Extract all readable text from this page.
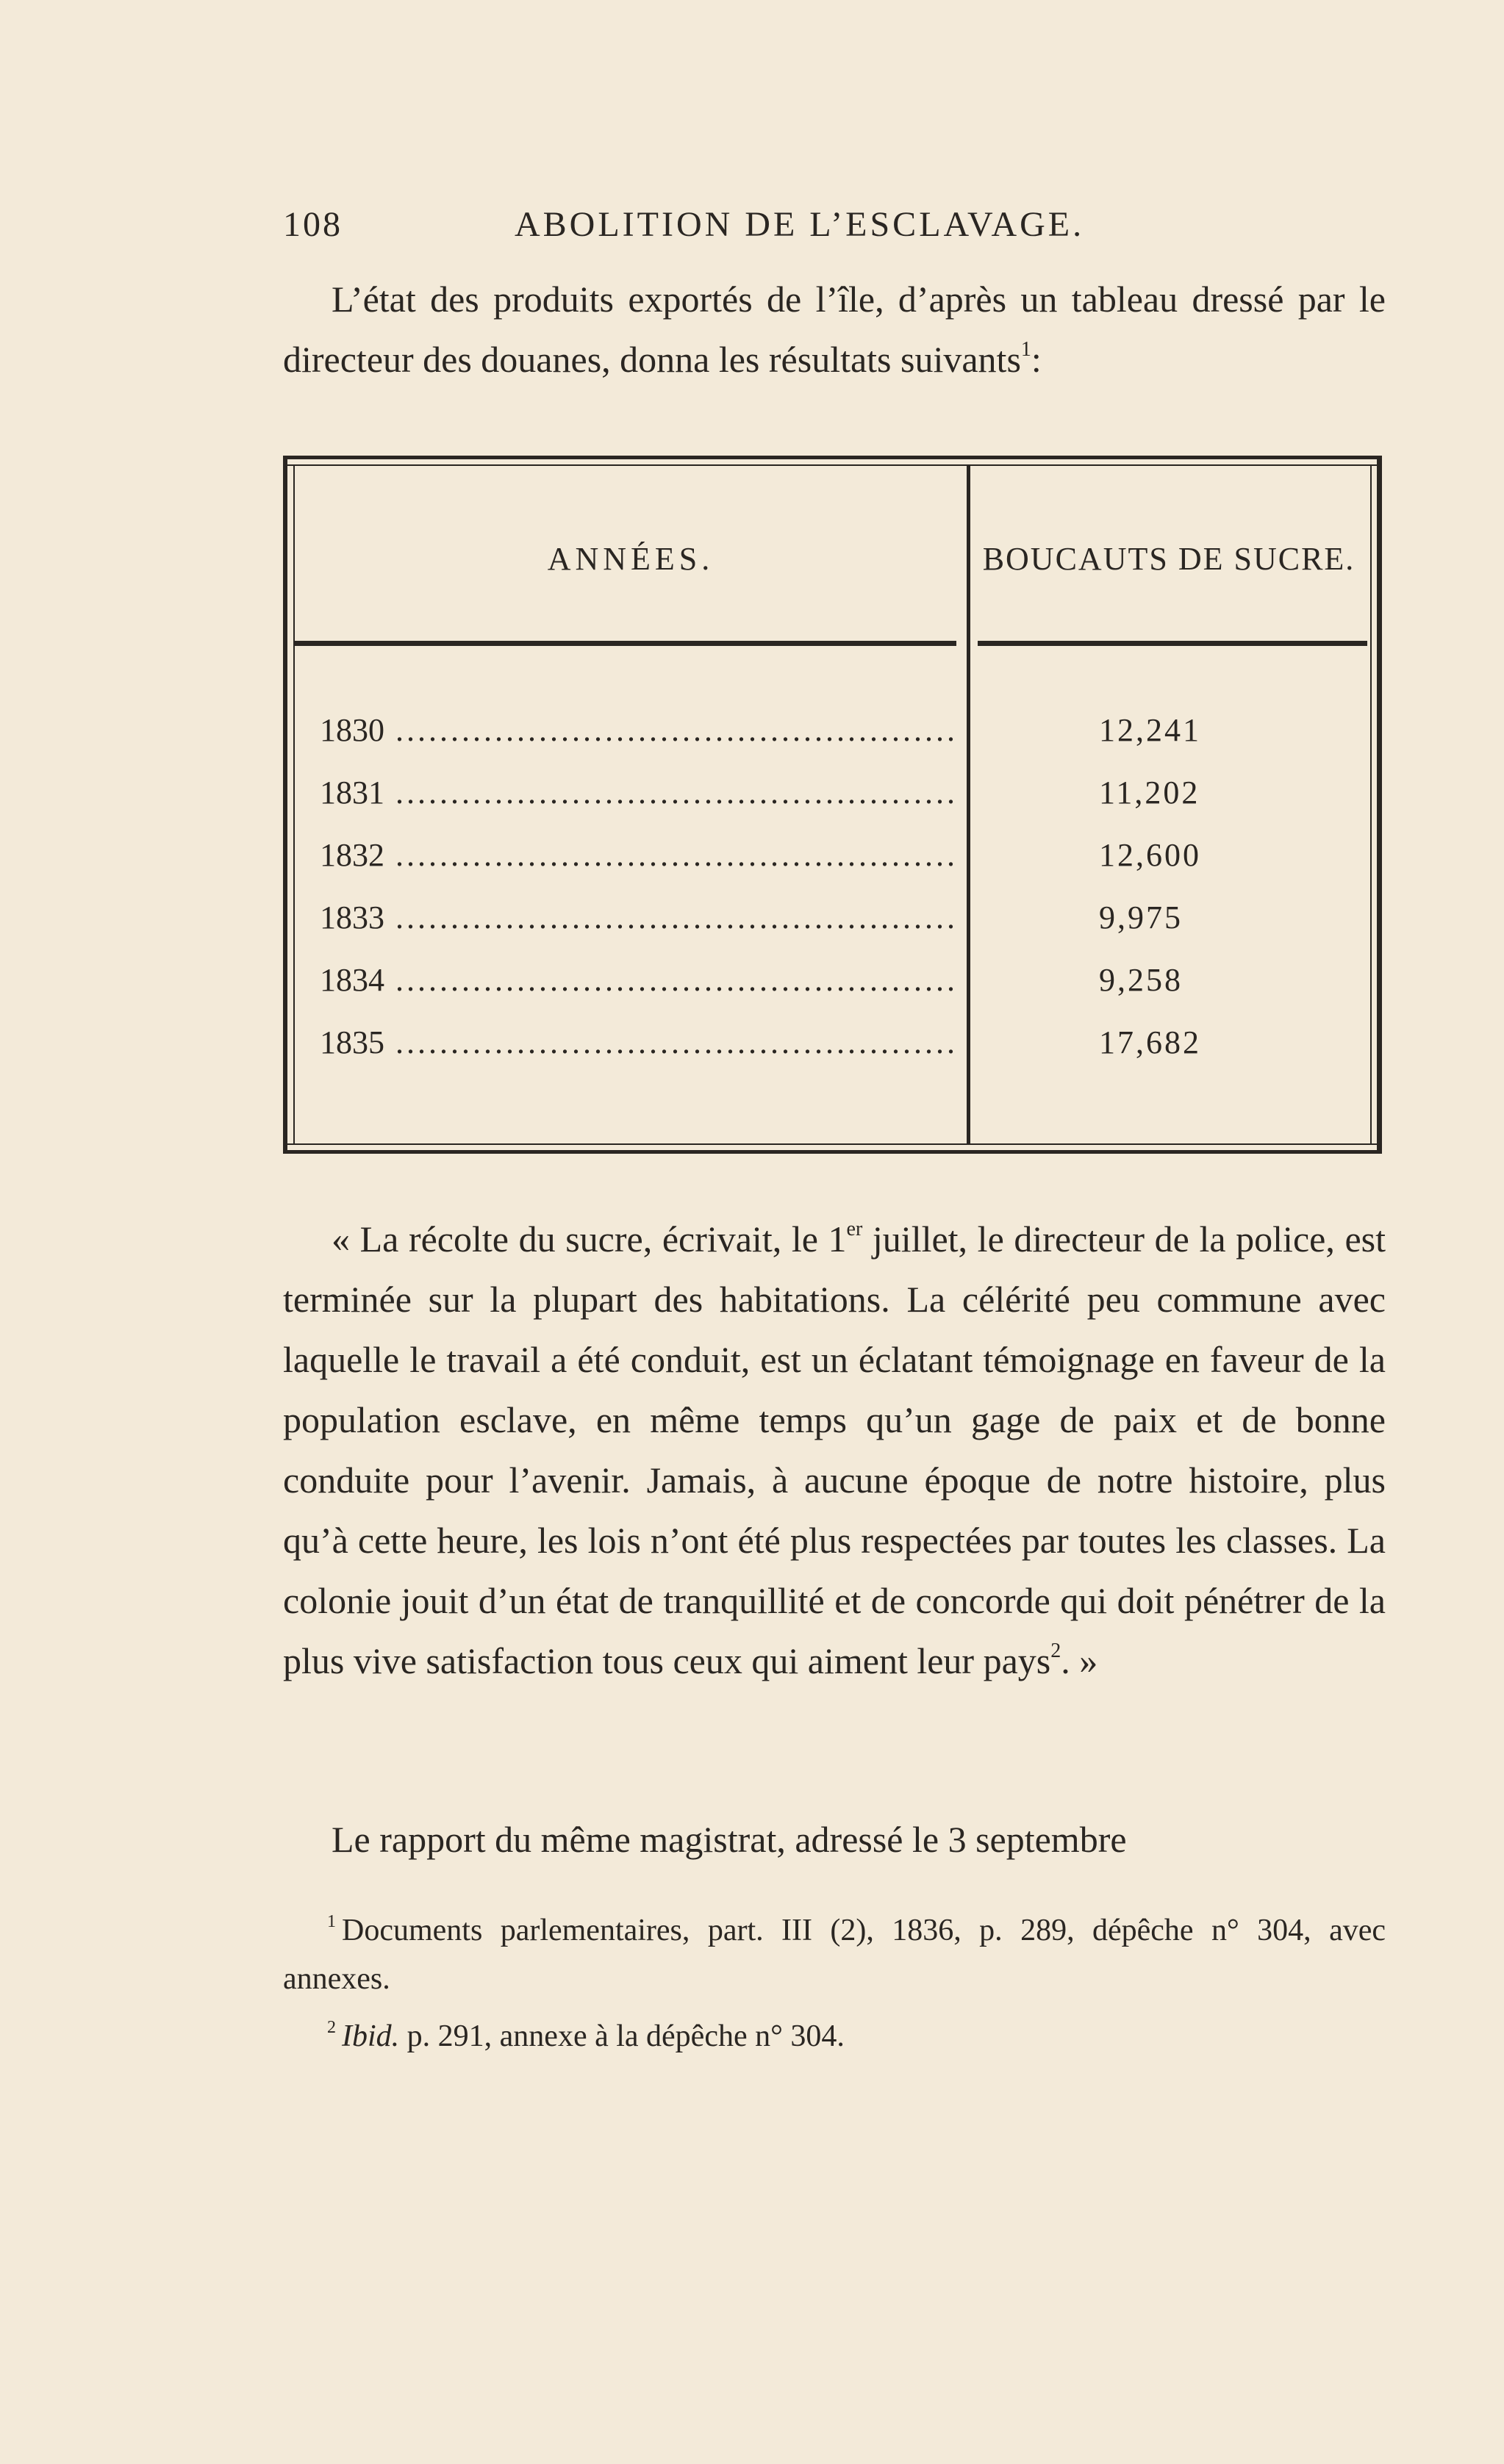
108	ABOLITION DE L’ESCLAVAGE.
L’état des produits exportés de l’île, d’après un tableau dressé par le directeur des douanes, donna les résultats suivants$^1$:
ANNÉES.	BOUCAUTS DE SUCRE.
1830 .....	12,241
1831 .....	11,202
1832 .....	12,600
1833 .....	9,975
1834 .....	9,258
1835 .....	17,682
« La récolte du sucre, écrivait, le 1er juillet, le directeur de la police, est terminée sur la plupart des habitations. La célérité peu commune avec laquelle le travail a été conduit, est un éclatant témoignage en faveur de la population esclave, en même temps qu’un gage de paix et de bonne conduite pour l’avenir. Jamais, à aucune époque de notre histoire, plus qu’à cette heure, les lois n’ont été plus respectées par toutes les classes. La colonie jouit d’un état de tranquillité et de concorde qui doit pénétrer de la plus vive satisfaction tous ceux qui aiment leur pays$^2$. »
Le rapport du même magistrat, adressé le 3 septembre
$^1$ Documents parlementaires, part. III (2), 1836, p. 289, dépêche n° 304, avec annexes.
$^2$ Ibid. p. 291, annexe à la dépêche n° 304.
